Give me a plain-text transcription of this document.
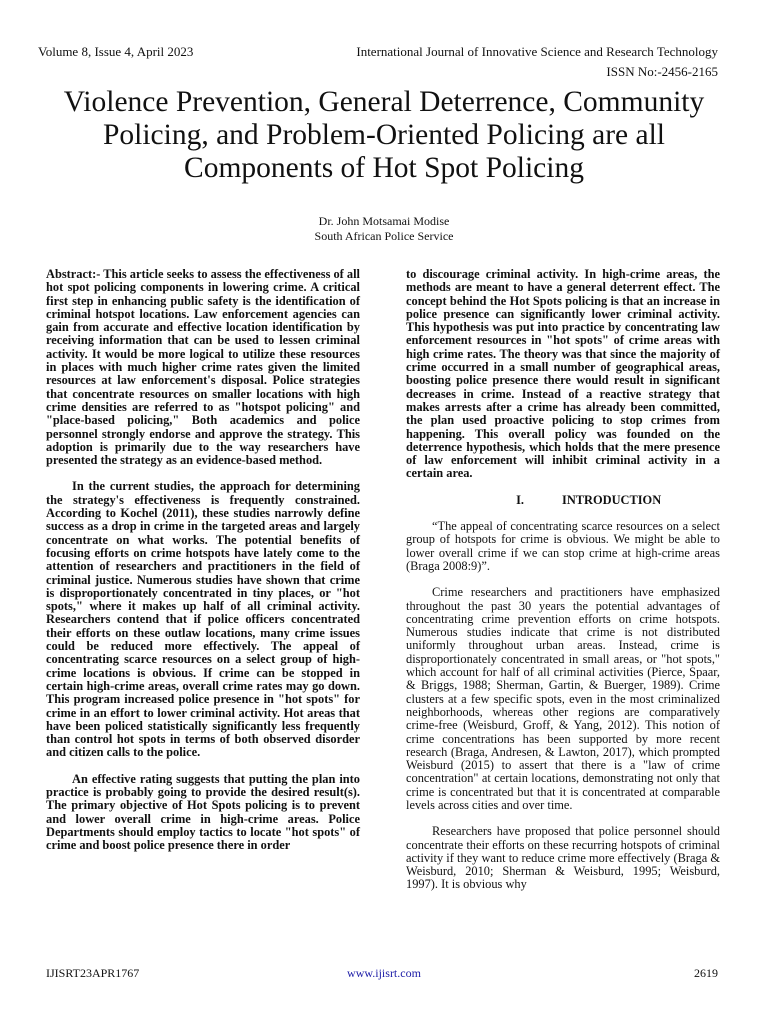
Volume 8, Issue 4, April 2023	International Journal of Innovative Science and Research Technology
ISSN No:-2456-2165
Violence Prevention, General Deterrence, Community Policing, and Problem-Oriented Policing are all Components of Hot Spot Policing
Dr. John Motsamai Modise
South African Police Service

Abstract:- This article seeks to assess the effectiveness of all hot spot policing components in lowering crime. A critical first step in enhancing public safety is the identification of criminal hotspot locations. Law enforcement agencies can gain from accurate and effective location identification by receiving information that can be used to lessen criminal activity. It would be more logical to utilize these resources in places with much higher crime rates given the limited resources at law enforcement's disposal. Police strategies that concentrate resources on smaller locations with high crime densities are referred to as "hotspot policing" and "place-based policing," Both academics and police personnel strongly endorse and approve the strategy. This adoption is primarily due to the way researchers have presented the strategy as an evidence-based method.

In the current studies, the approach for determining the strategy's effectiveness is frequently constrained. According to Kochel (2011), these studies narrowly define success as a drop in crime in the targeted areas and largely concentrate on what works. The potential benefits of focusing efforts on crime hotspots have lately come to the attention of researchers and practitioners in the field of criminal justice. Numerous studies have shown that crime is disproportionately concentrated in tiny places, or "hot spots," where it makes up half of all criminal activity. Researchers contend that if police officers concentrated their efforts on these outlaw locations, many crime issues could be reduced more effectively. The appeal of concentrating scarce resources on a select group of high-crime locations is obvious. If crime can be stopped in certain high-crime areas, overall crime rates may go down. This program increased police presence in "hot spots" for crime in an effort to lower criminal activity. Hot areas that have been policed statistically significantly less frequently than control hot spots in terms of both observed disorder and citizen calls to the police.

An effective rating suggests that putting the plan into practice is probably going to provide the desired result(s). The primary objective of Hot Spots policing is to prevent and lower overall crime in high-crime areas. Police Departments should employ tactics to locate "hot spots" of crime and boost police presence there in order

to discourage criminal activity. In high-crime areas, the methods are meant to have a general deterrent effect. The concept behind the Hot Spots policing is that an increase in police presence can significantly lower criminal activity. This hypothesis was put into practice by concentrating law enforcement resources in "hot spots" of crime areas with high crime rates. The theory was that since the majority of crime occurred in a small number of geographical areas, boosting police presence there would result in significant decreases in crime. Instead of a reactive strategy that makes arrests after a crime has already been committed, the plan used proactive policing to stop crimes from happening. This overall policy was founded on the deterrence hypothesis, which holds that the mere presence of law enforcement will inhibit criminal activity in a certain area.

I.	INTRODUCTION

“The appeal of concentrating scarce resources on a select group of hotspots for crime is obvious. We might be able to lower overall crime if we can stop crime at high-crime areas (Braga 2008:9)”.

Crime researchers and practitioners have emphasized throughout the past 30 years the potential advantages of concentrating crime prevention efforts on crime hotspots. Numerous studies indicate that crime is not distributed uniformly throughout urban areas. Instead, crime is disproportionately concentrated in small areas, or "hot spots," which account for half of all criminal activities (Pierce, Spaar, & Briggs, 1988; Sherman, Gartin, & Buerger, 1989). Crime clusters at a few specific spots, even in the most criminalized neighborhoods, whereas other regions are comparatively crime-free (Weisburd, Groff, & Yang, 2012). This notion of crime concentrations has been supported by more recent research (Braga, Andresen, & Lawton, 2017), which prompted Weisburd (2015) to assert that there is a "law of crime concentration" at certain locations, demonstrating not only that crime is concentrated but that it is concentrated at comparable levels across cities and over time.

Researchers have proposed that police personnel should concentrate their efforts on these recurring hotspots of criminal activity if they want to reduce crime more effectively (Braga & Weisburd, 2010; Sherman & Weisburd, 1995; Weisburd, 1997). It is obvious why

IJISRT23APR1767	www.ijisrt.com	2619
